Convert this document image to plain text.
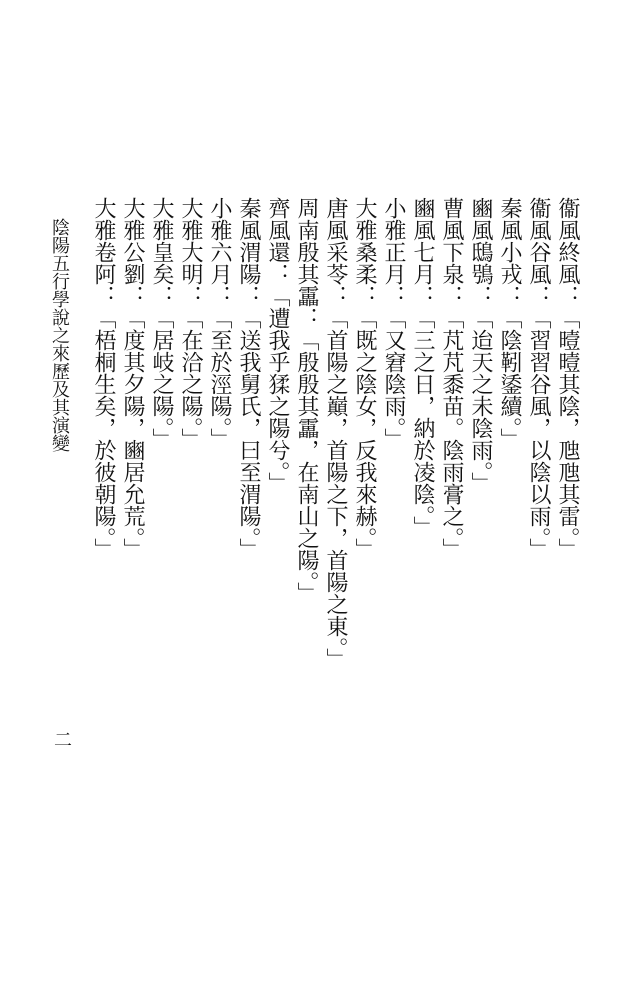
衞風終風：「曀曀其陰，虺虺其雷。」
衞風谷風：「習習谷風，以陰以雨。」
秦風小戎：「陰靷鋈續。」
豳風鴟鴞：「迨天之未陰雨。」
曹風下泉：「芃芃黍苗。陰雨膏之。」
豳風七月：「三之日，納於凌陰。」
小雅正月：「又窘陰雨。」
大雅桑柔：「既之陰女，反我來赫。」
唐風采苓：「首陽之巔，首陽之下，首陽之東。」
周南殷其靁：「殷殷其靁，在南山之陽。」
齊風還：「遭我乎猱之陽兮。」
秦風渭陽：「送我舅氏，曰至渭陽。」
小雅六月：「至於涇陽。」
大雅大明：「在洽之陽。」
大雅皇矣：「居岐之陽。」
大雅公劉：「度其夕陽，豳居允荒。」
大雅卷阿：「梧桐生矣，於彼朝陽。」
陰陽五行學說之來歷及其演變
二
